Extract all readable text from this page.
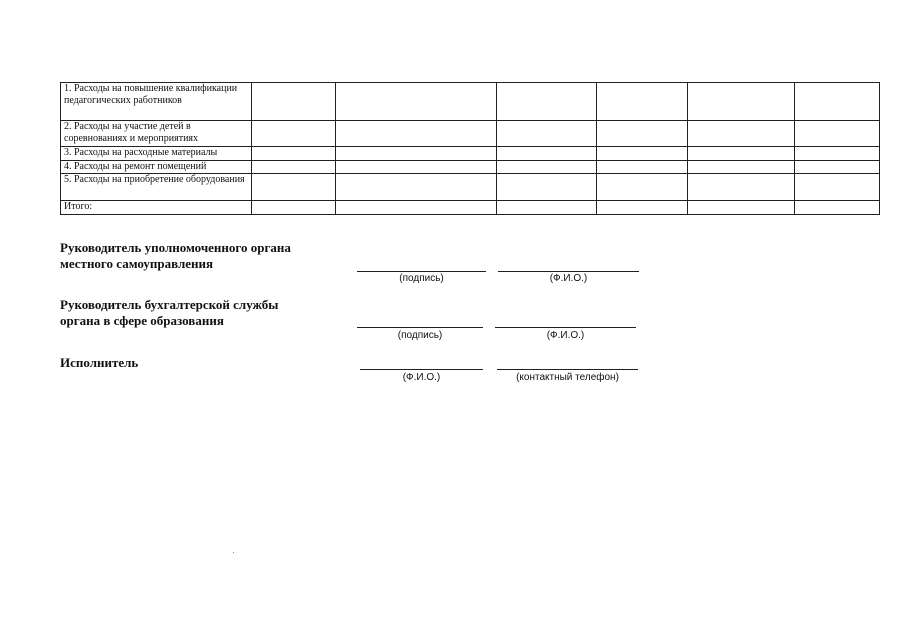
1. Расходы на повышение квалификации педагогических работников						
2. Расходы на участие детей в соревнованиях и мероприятиях						
3. Расходы на расходные материалы						
4. Расходы на ремонт помещений						
5. Расходы на приобретение оборудования						
Итого:						
Руководитель уполномоченного органа
местного самоуправления
(подпись)	(Ф.И.О.)
Руководитель бухгалтерской службы
органа в сфере образования
(подпись)	(Ф.И.О.)
Исполнитель
(Ф.И.О.)	(контактный телефон)
